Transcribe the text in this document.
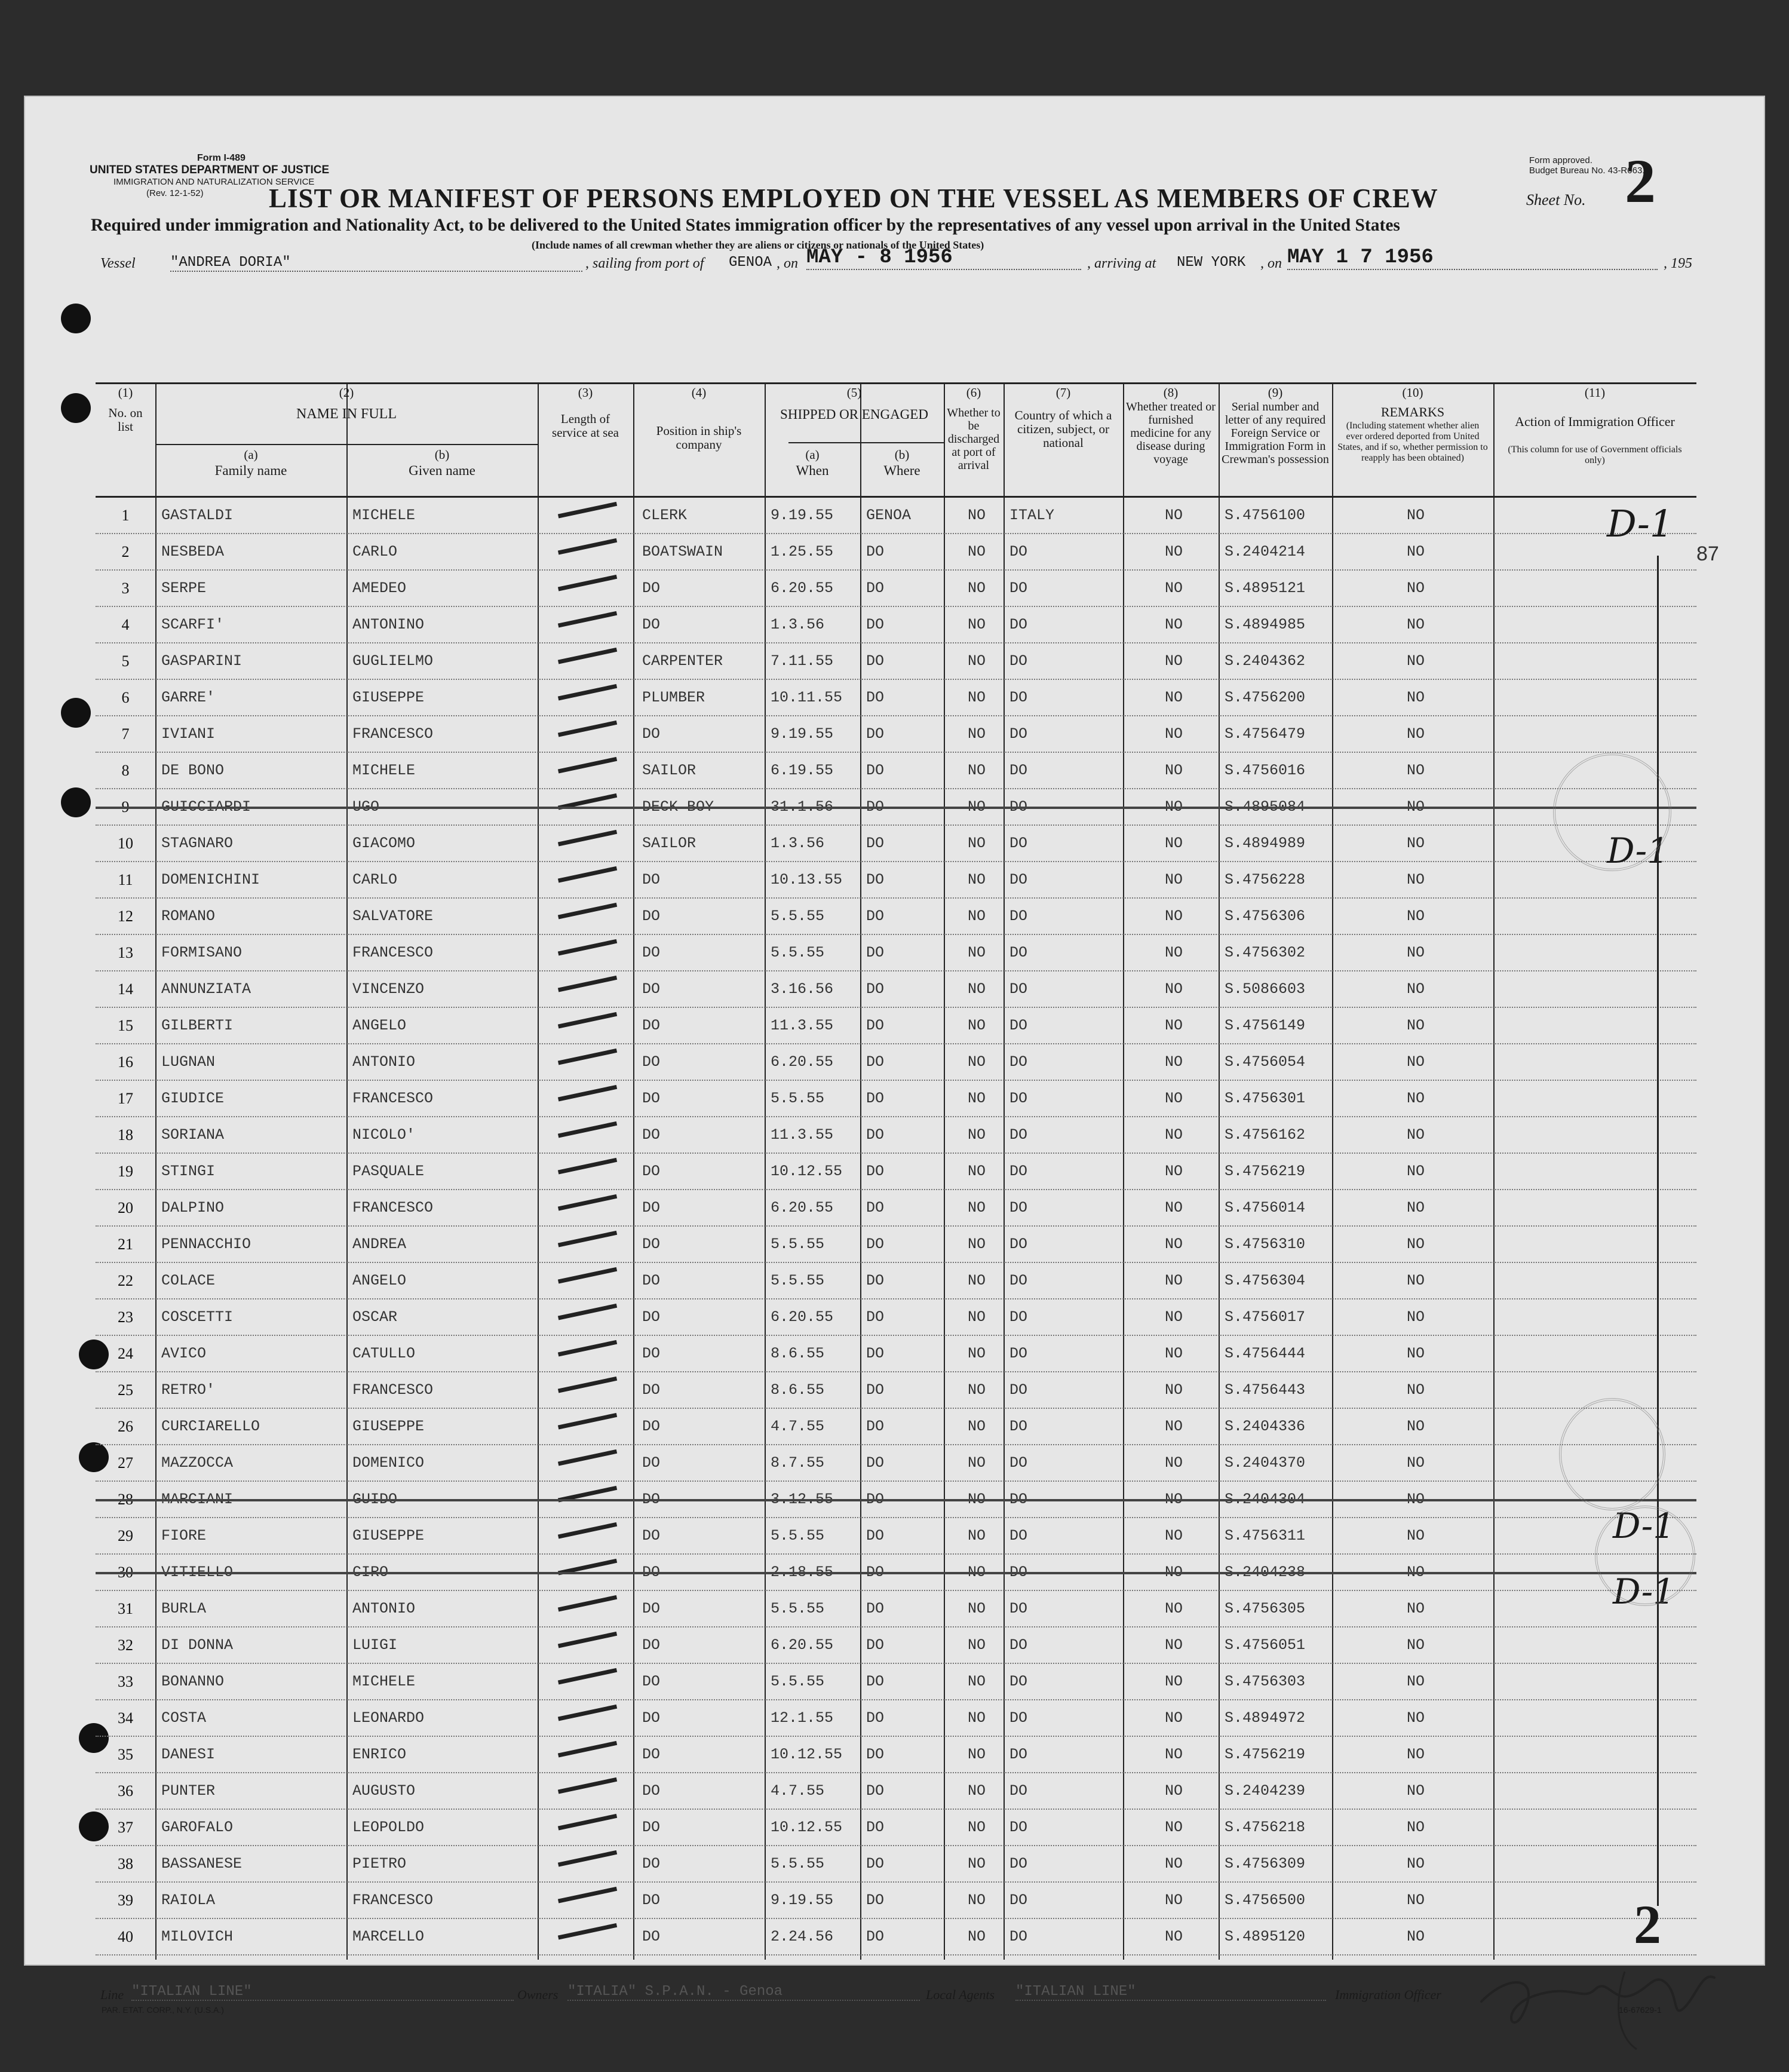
Form I-489
UNITED STATES DEPARTMENT OF JUSTICE
IMMIGRATION AND NATURALIZATION SERVICE
(Rev. 12-1-52)
Form approved.
Budget Bureau No. 43-R063.5.
Sheet No. 2
LIST OR MANIFEST OF PERSONS EMPLOYED ON THE VESSEL AS MEMBERS OF CREW
Required under immigration and Nationality Act, to be delivered to the United States immigration officer by the representatives of any vessel upon arrival in the United States
(Include names of all crewman whether they are aliens or citizens or nationals of the United States)
Vessel "ANDREA DORIA"	, sailing from port of GENOA , on MAY - 8 1956	, arriving at NEW YORK , on MAY 1 7 1956	, 195
(1)
No. on list
(2)
NAME IN FULL
(a)
Family name
(b)
Given name
(3)
Length of service at sea
(4)
Position in ship's company
(5)
SHIPPED OR ENGAGED
(a)
When
(b)
Where
(6)
Whether to be discharged at port of arrival
(7)
Country of which a citizen, subject, or national
(8)
Whether treated or furnished medicine for any disease during voyage
(9)
Serial number and letter of any required Foreign Service or Immigration Form in Crewman's possession
(10)
REMARKS
(Including statement whether alien ever ordered deported from United States, and if so, whether permission to reapply has been obtained)
(11)
Action of Immigration Officer
(This column for use of Government officials only)
1	GASTALDI	MICHELE	CLERK	9.19.55 GENOA	NO	ITALY	NO	S.4756100	NO
2	NESBEDA	CARLO	BOATSWAIN	1.25.55 DO	NO	DO	NO	S.2404214	NO
3	SERPE	AMEDEO	DO	6.20.55 DO	NO	DO	NO	S.4895121	NO
4	SCARFI'	ANTONINO	DO	1.3.56	DO	NO	DO	NO	S.4894985	NO
5	GASPARINI	GUGLIELMO	CARPENTER	7.11.55 DO	NO	DO	NO	S.2404362	NO
6	GARRE'	GIUSEPPE	PLUMBER	10.11.55 DO	NO	DO	NO	S.4756200	NO
7	IVIANI	FRANCESCO	DO	9.19.55 DO	NO	DO	NO	S.4756479	NO
8	DE BONO	MICHELE	SAILOR	6.19.55 DO	NO	DO	NO	S.4756016	NO
9	GUICCIARDI	UGO	DECK BOY	31.1.56 DO	NO	DO	NO	S.4895084	NO
10	STAGNARO	GIACOMO	SAILOR	1.3.56	DO	NO	DO	NO	S.4894989	NO
11	DOMENICHINI	CARLO	DO	10.13.55 DO	NO	DO	NO	S.4756228	NO
12	ROMANO	SALVATORE	DO	5.5.55	DO	NO	DO	NO	S.4756306	NO
13	FORMISANO	FRANCESCO	DO	5.5.55	DO	NO	DO	NO	S.4756302	NO
14	ANNUNZIATA	VINCENZO	DO	3.16.56 DO	NO	DO	NO	S.5086603	NO
15	GILBERTI	ANGELO	DO	11.3.55 DO	NO	DO	NO	S.4756149	NO
16	LUGNAN	ANTONIO	DO	6.20.55 DO	NO	DO	NO	S.4756054	NO
17	GIUDICE	FRANCESCO	DO	5.5.55	DO	NO	DO	NO	S.4756301	NO
18	SORIANA	NICOLO'	DO	11.3.55 DO	NO	DO	NO	S.4756162	NO
19	STINGI	PASQUALE	DO	10.12.55 DO	NO	DO	NO	S.4756219	NO
20	DALPINO	FRANCESCO	DO	6.20.55 DO	NO	DO	NO	S.4756014	NO
21	PENNACCHIO	ANDREA	DO	5.5.55	DO	NO	DO	NO	S.4756310	NO
22	COLACE	ANGELO	DO	5.5.55	DO	NO	DO	NO	S.4756304	NO
23	COSCETTI	OSCAR	DO	6.20.55 DO	NO	DO	NO	S.4756017	NO
24	AVICO	CATULLO	DO	8.6.55	DO	NO	DO	NO	S.4756444	NO
25	RETRO'	FRANCESCO	DO	8.6.55	DO	NO	DO	NO	S.4756443	NO
26	CURCIARELLO	GIUSEPPE	DO	4.7.55	DO	NO	DO	NO	S.2404336	NO
27	MAZZOCCA	DOMENICO	DO	8.7.55	DO	NO	DO	NO	S.2404370	NO
28	MARCIANI	GUIDO	DO	3.12.55 DO	NO	DO	NO	S.2404304	NO
29	FIORE	GIUSEPPE	DO	5.5.55	DO	NO	DO	NO	S.4756311	NO
30	VITIELLO	CIRO	DO	2.18.55 DO	NO	DO	NO	S.2404238	NO
31	BURLA	ANTONIO	DO	5.5.55	DO	NO	DO	NO	S.4756305	NO
32	DI DONNA	LUIGI	DO	6.20.55 DO	NO	DO	NO	S.4756051	NO
33	BONANNO	MICHELE	DO	5.5.55	DO	NO	DO	NO	S.4756303	NO
34	COSTA	LEONARDO	DO	12.1.55 DO	NO	DO	NO	S.4894972	NO
35	DANESI	ENRICO	DO	10.12.55 DO	NO	DO	NO	S.4756219	NO
36	PUNTER	AUGUSTO	DO	4.7.55	DO	NO	DO	NO	S.2404239	NO
37	GAROFALO	LEOPOLDO	DO	10.12.55 DO	NO	DO	NO	S.4756218	NO
38	BASSANESE	PIETRO	DO	5.5.55	DO	NO	DO	NO	S.4756309	NO
39	RAIOLA	FRANCESCO	DO	9.19.55 DO	NO	DO	NO	S.4756500	NO
40	MILOVICH	MARCELLO	DO	2.24.56 DO	NO	DO	NO	S.4895120	NO
D-1
87
D-1
D-1
D-1
2
Line "ITALIAN LINE"	Owners "ITALIA" S.P.A.N. - Genoa	Local Agents "ITALIAN LINE"	Immigration Officer
PAR. ETAT. CORP., N.Y. (U.S.A.)	16-67629-1
